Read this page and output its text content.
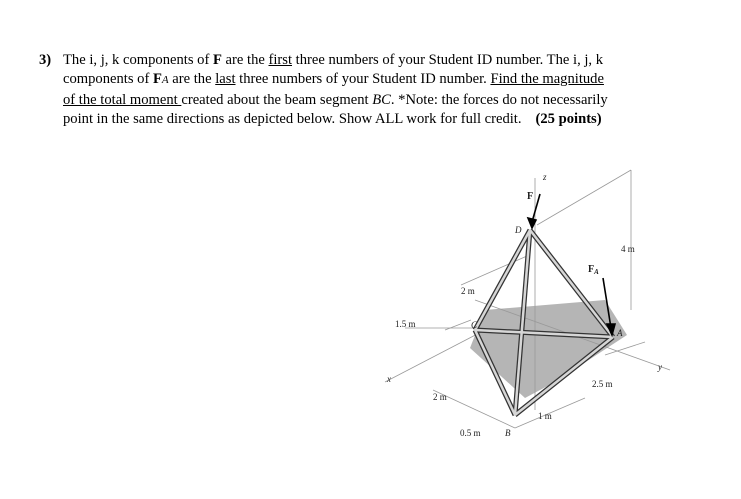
3) The i, j, k components of F are the first three numbers of your Student ID number. The i, j, k
components of FA are the last three numbers of your Student ID number. Find the magnitude
of the total moment created about the beam segment BC. *Note: the forces do not necessarily
point in the same directions as depicted below. Show ALL work for full credit. (25 points)
z
F
D
$F_A$
4 m
2 m
1.5 m	C
A
y
x	2.5 m
2 m
1 m
0.5 m	B
